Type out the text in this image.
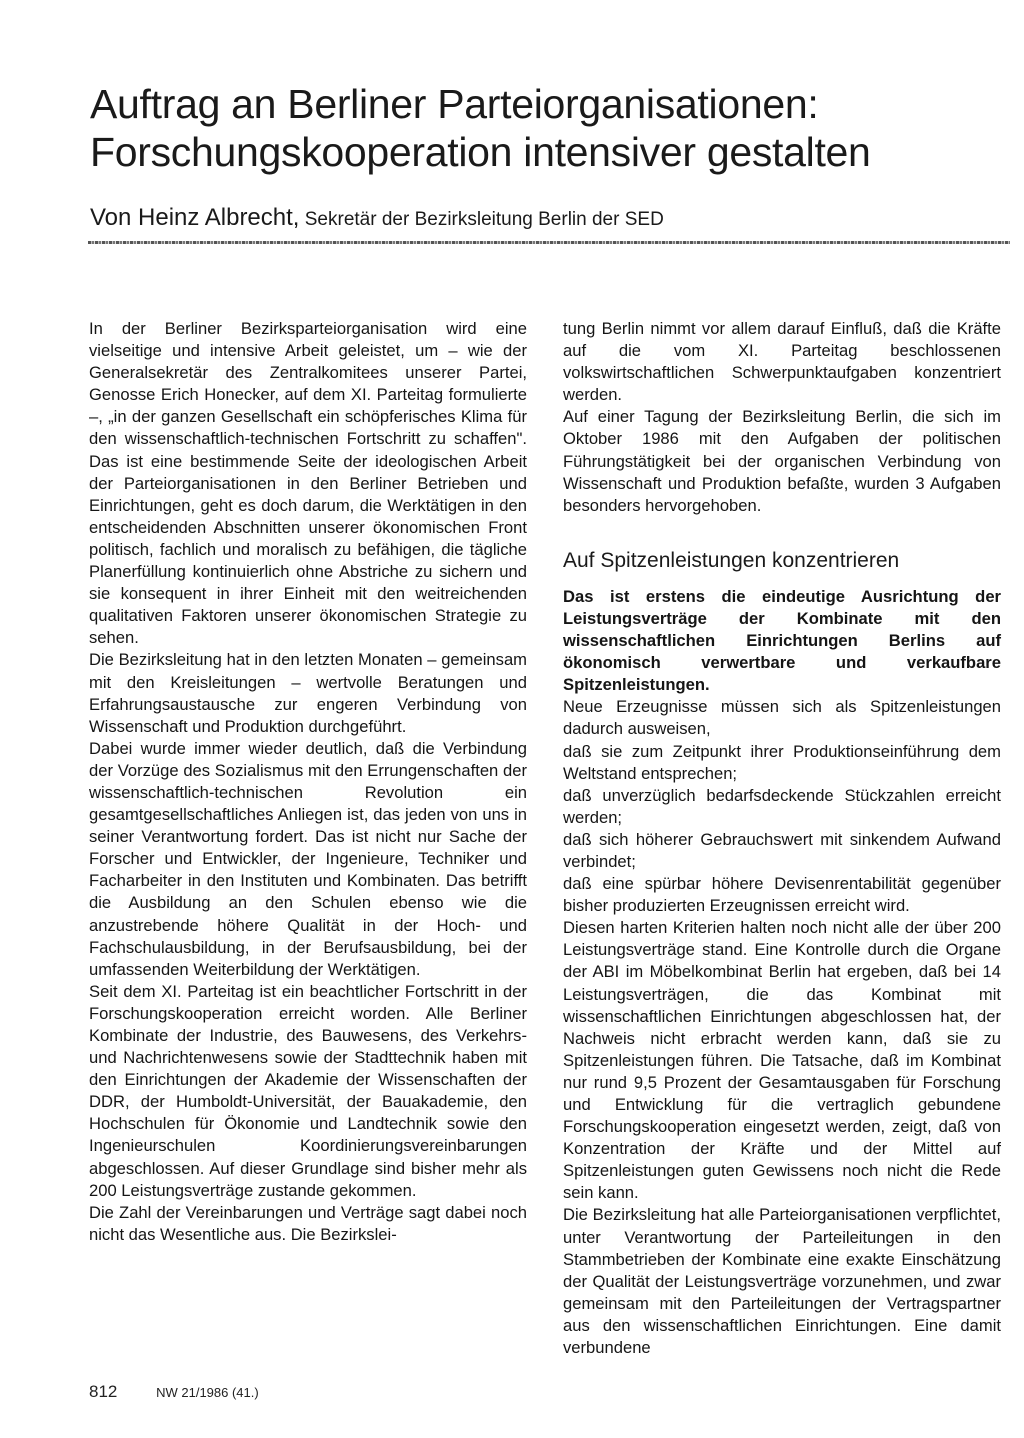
Auftrag an Berliner Parteiorganisationen:
Forschungskooperation intensiver gestalten
Von Heinz Albrecht, Sekretär der Bezirksleitung Berlin der SED

In der Berliner Bezirksparteiorganisation wird eine vielseitige und intensive Arbeit geleistet, um – wie der Generalsekretär des Zentralkomitees unserer Partei, Genosse Erich Honecker, auf dem XI. Parteitag formulierte –, „in der ganzen Gesellschaft ein schöpferisches Klima für den wissenschaftlich-technischen Fortschritt zu schaffen". Das ist eine bestimmende Seite der ideologischen Arbeit der Parteiorganisationen in den Berliner Betrieben und Einrichtungen, geht es doch darum, die Werktätigen in den entscheidenden Abschnitten unserer ökonomischen Front politisch, fachlich und moralisch zu befähigen, die tägliche Planerfüllung kontinuierlich ohne Abstriche zu sichern und sie konsequent in ihrer Einheit mit den weitreichenden qualitativen Faktoren unserer ökonomischen Strategie zu sehen.

Die Bezirksleitung hat in den letzten Monaten – gemeinsam mit den Kreisleitungen – wertvolle Beratungen und Erfahrungsaustausche zur engeren Verbindung von Wissenschaft und Produktion durchgeführt.

Dabei wurde immer wieder deutlich, daß die Verbindung der Vorzüge des Sozialismus mit den Errungenschaften der wissenschaftlich-technischen Revolution ein gesamtgesellschaftliches Anliegen ist, das jeden von uns in seiner Verantwortung fordert. Das ist nicht nur Sache der Forscher und Entwickler, der Ingenieure, Techniker und Facharbeiter in den Instituten und Kombinaten. Das betrifft die Ausbildung an den Schulen ebenso wie die anzustrebende höhere Qualität in der Hoch- und Fachschulausbildung, in der Berufsausbildung, bei der umfassenden Weiterbildung der Werktätigen.

Seit dem XI. Parteitag ist ein beachtlicher Fortschritt in der Forschungskooperation erreicht worden. Alle Berliner Kombinate der Industrie, des Bauwesens, des Verkehrs- und Nachrichtenwesens sowie der Stadttechnik haben mit den Einrichtungen der Akademie der Wissenschaften der DDR, der Humboldt-Universität, der Bauakademie, den Hochschulen für Ökonomie und Landtechnik sowie den Ingenieurschulen Koordinierungsvereinbarungen abgeschlossen. Auf dieser Grundlage sind bisher mehr als 200 Leistungsverträge zustande gekommen.

Die Zahl der Vereinbarungen und Verträge sagt dabei noch nicht das Wesentliche aus. Die Bezirkslei-

tung Berlin nimmt vor allem darauf Einfluß, daß die Kräfte auf die vom XI. Parteitag beschlossenen volkswirtschaftlichen Schwerpunktaufgaben konzentriert werden.

Auf einer Tagung der Bezirksleitung Berlin, die sich im Oktober 1986 mit den Aufgaben der politischen Führungstätigkeit bei der organischen Verbindung von Wissenschaft und Produktion befaßte, wurden 3 Aufgaben besonders hervorgehoben.

Auf Spitzenleistungen konzentrieren

Das ist erstens die eindeutige Ausrichtung der Leistungsverträge der Kombinate mit den wissenschaftlichen Einrichtungen Berlins auf ökonomisch verwertbare und verkaufbare Spitzenleistungen.

Neue Erzeugnisse müssen sich als Spitzenleistungen dadurch ausweisen,

daß sie zum Zeitpunkt ihrer Produktionseinführung dem Weltstand entsprechen;

daß unverzüglich bedarfsdeckende Stückzahlen erreicht werden;

daß sich höherer Gebrauchswert mit sinkendem Aufwand verbindet;

daß eine spürbar höhere Devisenrentabilität gegenüber bisher produzierten Erzeugnissen erreicht wird.

Diesen harten Kriterien halten noch nicht alle der über 200 Leistungsverträge stand. Eine Kontrolle durch die Organe der ABI im Möbelkombinat Berlin hat ergeben, daß bei 14 Leistungsverträgen, die das Kombinat mit wissenschaftlichen Einrichtungen abgeschlossen hat, der Nachweis nicht erbracht werden kann, daß sie zu Spitzenleistungen führen. Die Tatsache, daß im Kombinat nur rund 9,5 Prozent der Gesamtausgaben für Forschung und Entwicklung für die vertraglich gebundene Forschungskooperation eingesetzt werden, zeigt, daß von Konzentration der Kräfte und der Mittel auf Spitzenleistungen guten Gewissens noch nicht die Rede sein kann.

Die Bezirksleitung hat alle Parteiorganisationen verpflichtet, unter Verantwortung der Parteileitungen in den Stammbetrieben der Kombinate eine exakte Einschätzung der Qualität der Leistungsverträge vorzunehmen, und zwar gemeinsam mit den Parteileitungen der Vertragspartner aus den wissenschaftlichen Einrichtungen. Eine damit verbundene

812	NW 21/1986 (41.)
